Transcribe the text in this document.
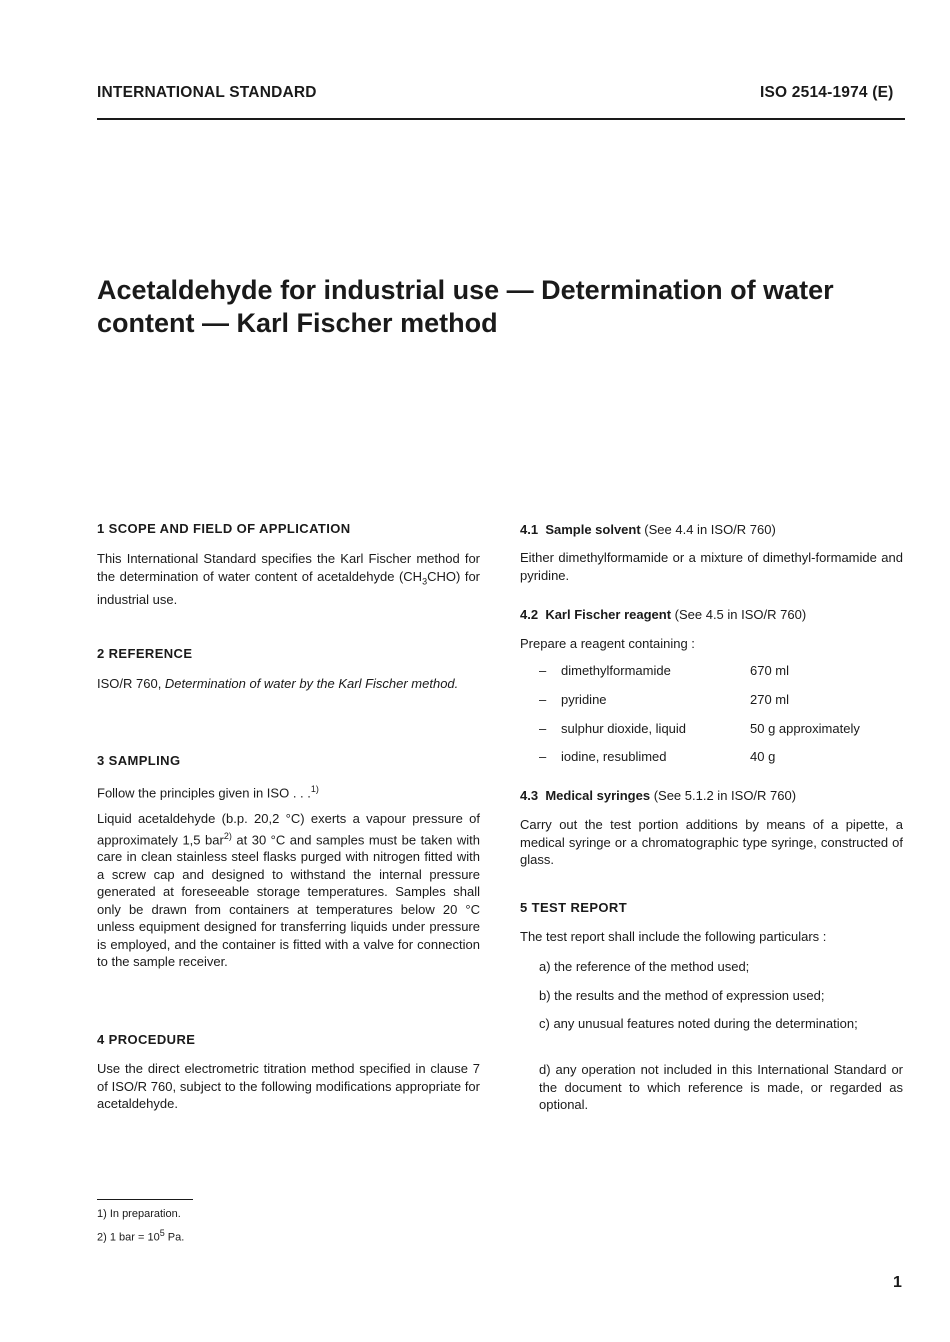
INTERNATIONAL STANDARD	ISO 2514-1974 (E)
Acetaldehyde for industrial use — Determination of water
content — Karl Fischer method
1 SCOPE AND FIELD OF APPLICATION
This International Standard specifies the Karl Fischer method for the determination of water content of acetaldehyde $(CH_3CHO)$ for industrial use.
2 REFERENCE
ISO/R 760, Determination of water by the Karl Fischer method.
3 SAMPLING
Follow the principles given in ISO . . .$^{1)}$
Liquid acetaldehyde (b.p. 20,2 °C) exerts a vapour pressure of approximately 1,5 bar$^{2)}$ at 30 °C and samples must be taken with care in clean stainless steel flasks purged with nitrogen fitted with a screw cap and designed to withstand the internal pressure generated at foreseeable storage temperatures. Samples shall only be drawn from containers at temperatures below 20 °C unless equipment designed for transferring liquids under pressure is employed, and the container is fitted with a valve for connection to the sample receiver.
4 PROCEDURE
Use the direct electrometric titration method specified in clause 7 of ISO/R 760, subject to the following modifications appropriate for acetaldehyde.
1) In preparation.
2) 1 bar = $10^5$ Pa.
4.1 Sample solvent (See 4.4 in ISO/R 760)
Either dimethylformamide or a mixture of dimethyl-formamide and pyridine.
4.2 Karl Fischer reagent (See 4.5 in ISO/R 760)
Prepare a reagent containing :
– dimethylformamide	670 ml
– pyridine	270 ml
– sulphur dioxide, liquid	50 g approximately
– iodine, resublimed	40 g
4.3 Medical syringes (See 5.1.2 in ISO/R 760)
Carry out the test portion additions by means of a pipette, a medical syringe or a chromatographic type syringe, constructed of glass.
5 TEST REPORT
The test report shall include the following particulars :
a) the reference of the method used;
b) the results and the method of expression used;
c) any unusual features noted during the determination;
d) any operation not included in this International Standard or the document to which reference is made, or regarded as optional.
1
